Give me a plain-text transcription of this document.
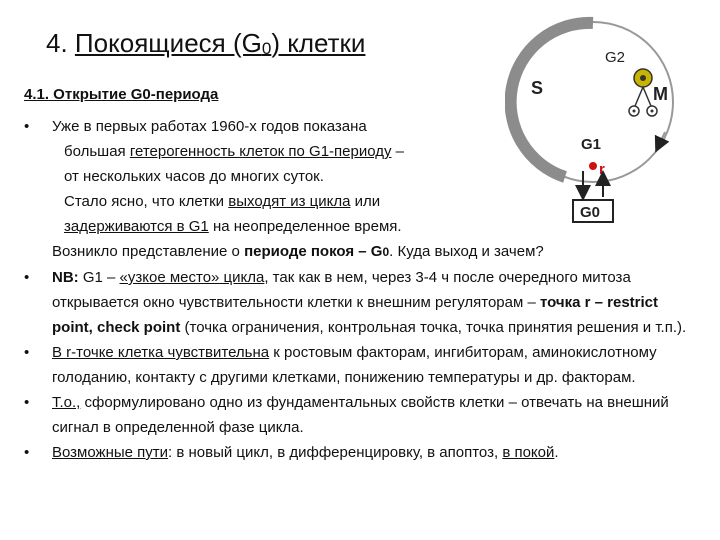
4. Покоящиеся (G0) клетки
4.1. Открытие G0-периода
• Уже в первых работах 1960-х годов показана
большая гетерогенность клеток по G1-периоду –
от нескольких часов до многих суток.
Стало ясно, что клетки выходят из цикла или
задерживаются в G1 на неопределенное время.
Возникло представление о периоде покоя – G0. Куда выход и зачем?
• NB: G1 – «узкое место» цикла, так как в нем, через 3-4 ч после очередного митоза открывается окно чувствительности клетки к внешним регуляторам – точка r – restrict point, check point (точка ограничения, контрольная точка, точка принятия решения и т.п.).
• В r-точке клетка чувствительна к ростовым факторам, ингибиторам, аминокислотному голоданию, контакту с другими клетками, понижению температуры и др. факторам.
• Т.о., сформулировано одно из фундаментальных свойств клетки – отвечать на внешний сигнал в определенной фазе цикла.
• Возможные пути: в новый цикл, в дифференцировку, в апоптоз, в покой.
G2
S	M
G1
r
G0
